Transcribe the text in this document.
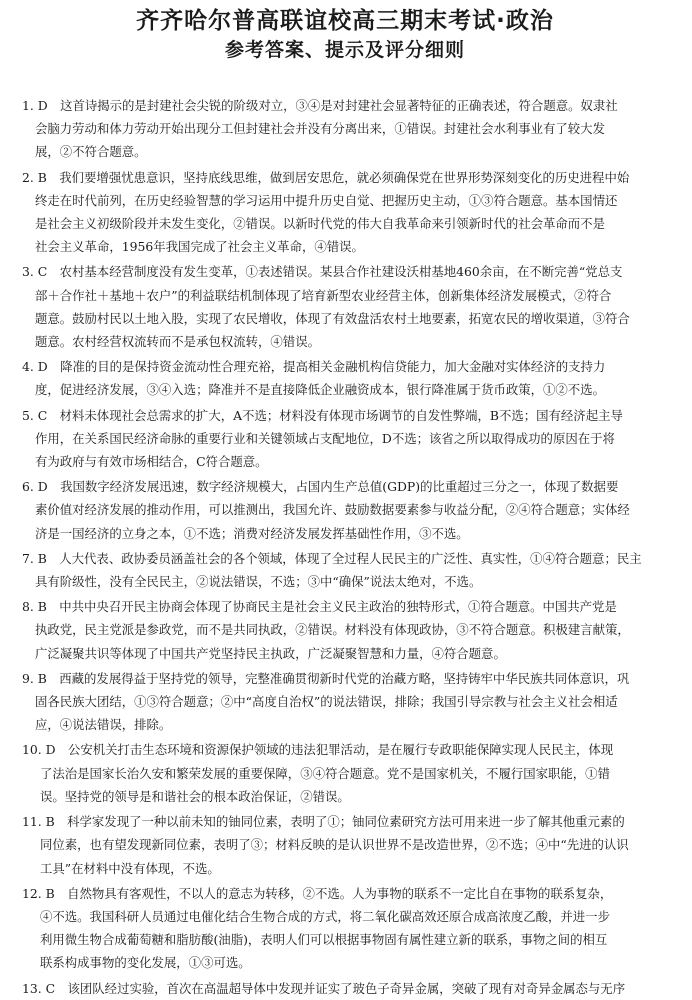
齐齐哈尔普高联谊校高三期末考试·政治
参考答案、提示及评分细则
1. D　这首诗揭示的是封建社会尖锐的阶级对立，③④是对封建社会显著特征的正确表述，符合题意。奴隶社
会脑力劳动和体力劳动开始出现分工但封建社会并没有分离出来，①错误。封建社会水利事业有了较大发
展，②不符合题意。
2. B　我们要增强忧患意识，坚持底线思维，做到居安思危，就必须确保党在世界形势深刻变化的历史进程中始
终走在时代前列，在历史经验智慧的学习运用中提升历史自觉、把握历史主动，①③符合题意。基本国情还
是社会主义初级阶段并未发生变化，②错误。以新时代党的伟大自我革命来引领新时代的社会革命而不是
社会主义革命，1956年我国完成了社会主义革命，④错误。
3. C　农村基本经营制度没有发生变革，①表述错误。某县合作社建设沃柑基地460余亩，在不断完善“党总支
部＋合作社＋基地＋农户”的利益联结机制体现了培育新型农业经营主体，创新集体经济发展模式，②符合
题意。鼓励村民以土地入股，实现了农民增收，体现了有效盘活农村土地要素，拓宽农民的增收渠道，③符合
题意。农村经营权流转而不是承包权流转，④错误。
4. D　降准的目的是保持资金流动性合理充裕，提高相关金融机构信贷能力，加大金融对实体经济的支持力
度，促进经济发展，③④入选；降准并不是直接降低企业融资成本，银行降准属于货币政策，①②不选。
5. C　材料未体现社会总需求的扩大，A不选；材料没有体现市场调节的自发性弊端，B不选；国有经济起主导
作用，在关系国民经济命脉的重要行业和关键领域占支配地位，D不选；该省之所以取得成功的原因在于将
有为政府与有效市场相结合，C符合题意。
6. D　我国数字经济发展迅速，数字经济规模大，占国内生产总值(GDP)的比重超过三分之一，体现了数据要
素价值对经济发展的推动作用，可以推测出，我国允许、鼓励数据要素参与收益分配，②④符合题意；实体经
济是一国经济的立身之本，①不选；消费对经济发展发挥基础性作用，③不选。
7. B　人大代表、政协委员涵盖社会的各个领域，体现了全过程人民民主的广泛性、真实性，①④符合题意；民主
具有阶级性，没有全民民主，②说法错误，不选；③中“确保”说法太绝对，不选。
8. B　中共中央召开民主协商会体现了协商民主是社会主义民主政治的独特形式，①符合题意。中国共产党是
执政党，民主党派是参政党，而不是共同执政，②错误。材料没有体现政协，③不符合题意。积极建言献策，
广泛凝聚共识等体现了中国共产党坚持民主执政，广泛凝聚智慧和力量，④符合题意。
9. B　西藏的发展得益于坚持党的领导，完整准确贯彻新时代党的治藏方略，坚持铸牢中华民族共同体意识，巩
固各民族大团结，①③符合题意；②中“高度自治权”的说法错误，排除；我国引导宗教与社会主义社会相适
应，④说法错误，排除。
10. D　公安机关打击生态环境和资源保护领域的违法犯罪活动，是在履行专政职能保障实现人民民主，体现
了法治是国家长治久安和繁荣发展的重要保障，③④符合题意。党不是国家机关，不履行国家职能，①错
误。坚持党的领导是和谐社会的根本政治保证，②错误。
11. B　科学家发现了一种以前未知的铀同位素，表明了①；铀同位素研究方法可用来进一步了解其他重元素的
同位素，也有望发现新同位素，表明了③；材料反映的是认识世界不是改造世界，②不选；④中“先进的认识
工具”在材料中没有体现，不选。
12. B　自然物具有客观性，不以人的意志为转移，②不选。人为事物的联系不一定比自在事物的联系复杂，
④不选。我国科研人员通过电催化结合生物合成的方式，将二氧化碳高效还原合成高浓度乙酸，并进一步
利用微生物合成葡萄糖和脂肪酸(油脂)，表明人们可以根据事物固有属性建立新的联系，事物之间的相互
联系构成事物的变化发展，①③可选。
13. C　该团队经过实验，首次在高温超导体中发现并证实了玻色子奇异金属，突破了现有对奇异金属态与无序
